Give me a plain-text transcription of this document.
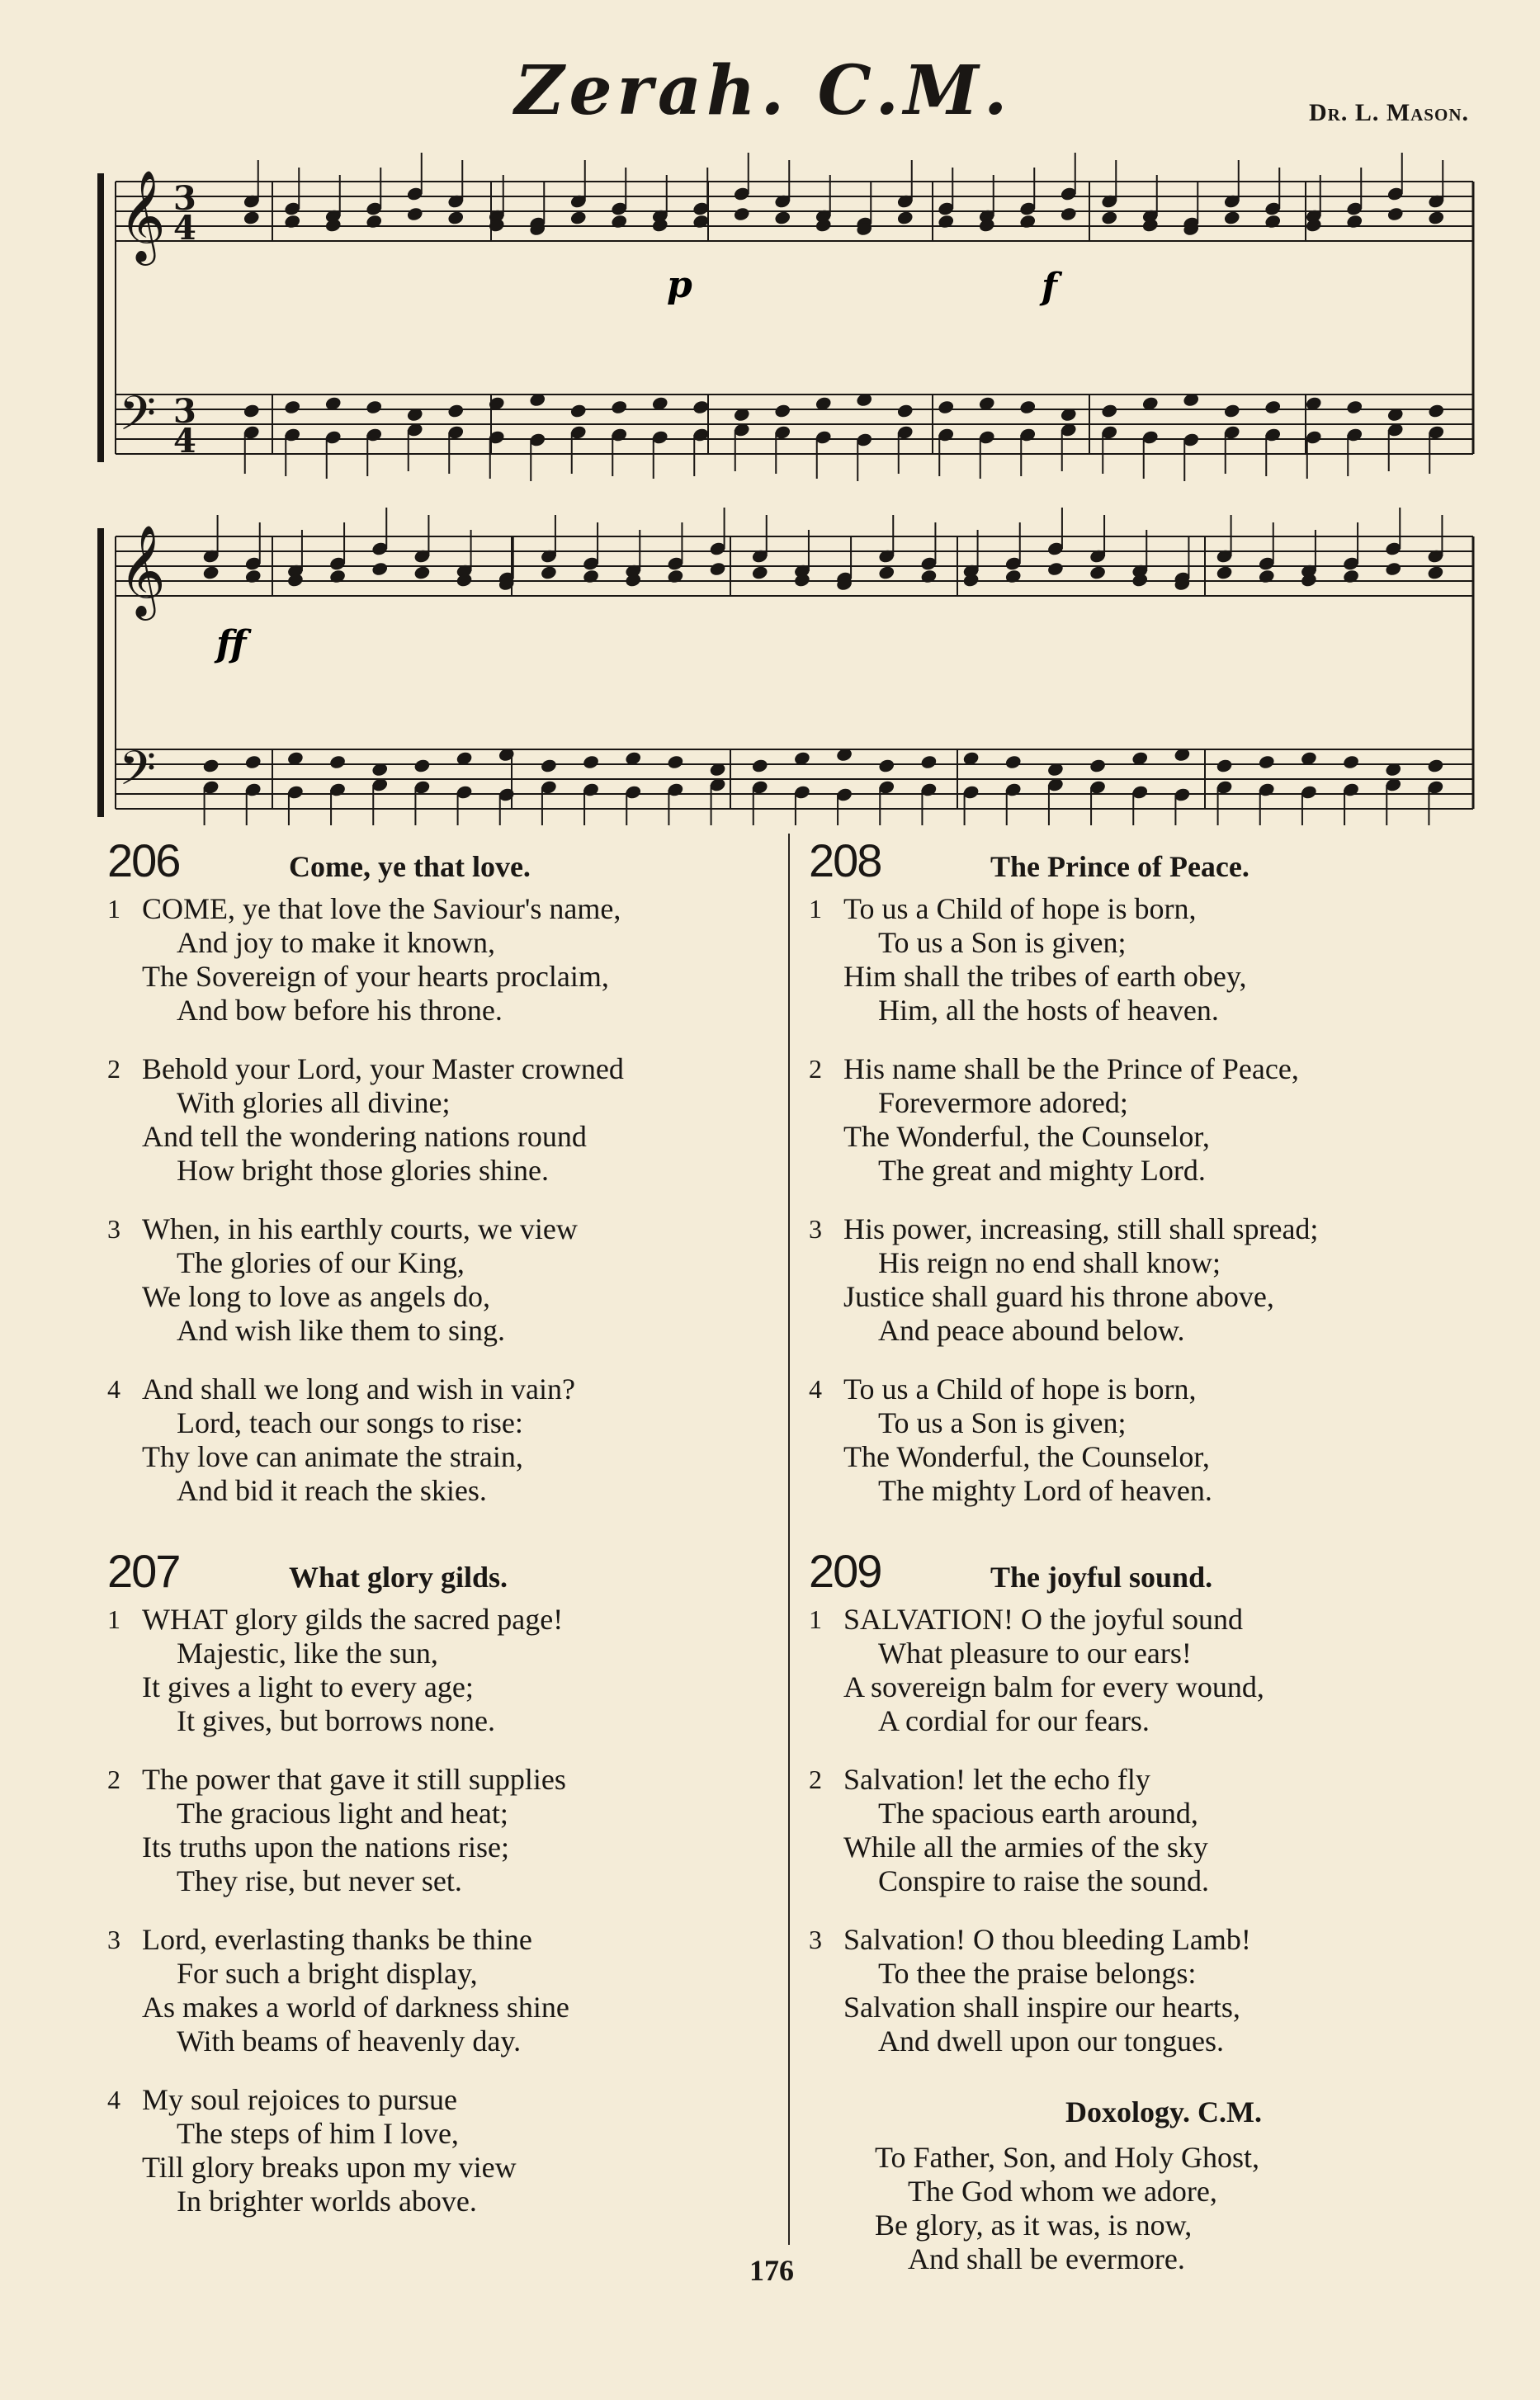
Zerah. C.M.	Dr. L. Mason.
𝄞
𝄢
3
4
3
4
𝄞
𝄢
p	f
ff
206	Come, ye that love.
1 COME, ye that love the Saviour's name,
And joy to make it known,
The Sovereign of your hearts proclaim,
And bow before his throne.
2 Behold your Lord, your Master crowned
With glories all divine;
And tell the wondering nations round
How bright those glories shine.
3 When, in his earthly courts, we view
The glories of our King,
We long to love as angels do,
And wish like them to sing.
4 And shall we long and wish in vain?
Lord, teach our songs to rise:
Thy love can animate the strain,
And bid it reach the skies.
207	What glory gilds.
1 WHAT glory gilds the sacred page!
Majestic, like the sun,
It gives a light to every age;
It gives, but borrows none.
2 The power that gave it still supplies
The gracious light and heat;
Its truths upon the nations rise;
They rise, but never set.
3 Lord, everlasting thanks be thine
For such a bright display,
As makes a world of darkness shine
With beams of heavenly day.
4 My soul rejoices to pursue
The steps of him I love,
Till glory breaks upon my view
In brighter worlds above.
208	The Prince of Peace.
1 To us a Child of hope is born,
To us a Son is given;
Him shall the tribes of earth obey,
Him, all the hosts of heaven.
2 His name shall be the Prince of Peace,
Forevermore adored;
The Wonderful, the Counselor,
The great and mighty Lord.
3 His power, increasing, still shall spread;
His reign no end shall know;
Justice shall guard his throne above,
And peace abound below.
4 To us a Child of hope is born,
To us a Son is given;
The Wonderful, the Counselor,
The mighty Lord of heaven.
209	The joyful sound.
1 SALVATION! O the joyful sound
What pleasure to our ears!
A sovereign balm for every wound,
A cordial for our fears.
2 Salvation! let the echo fly
The spacious earth around,
While all the armies of the sky
Conspire to raise the sound.
3 Salvation! O thou bleeding Lamb!
To thee the praise belongs:
Salvation shall inspire our hearts,
And dwell upon our tongues.
Doxology. C.M.
To Father, Son, and Holy Ghost,
The God whom we adore,
Be glory, as it was, is now,
And shall be evermore.
176
